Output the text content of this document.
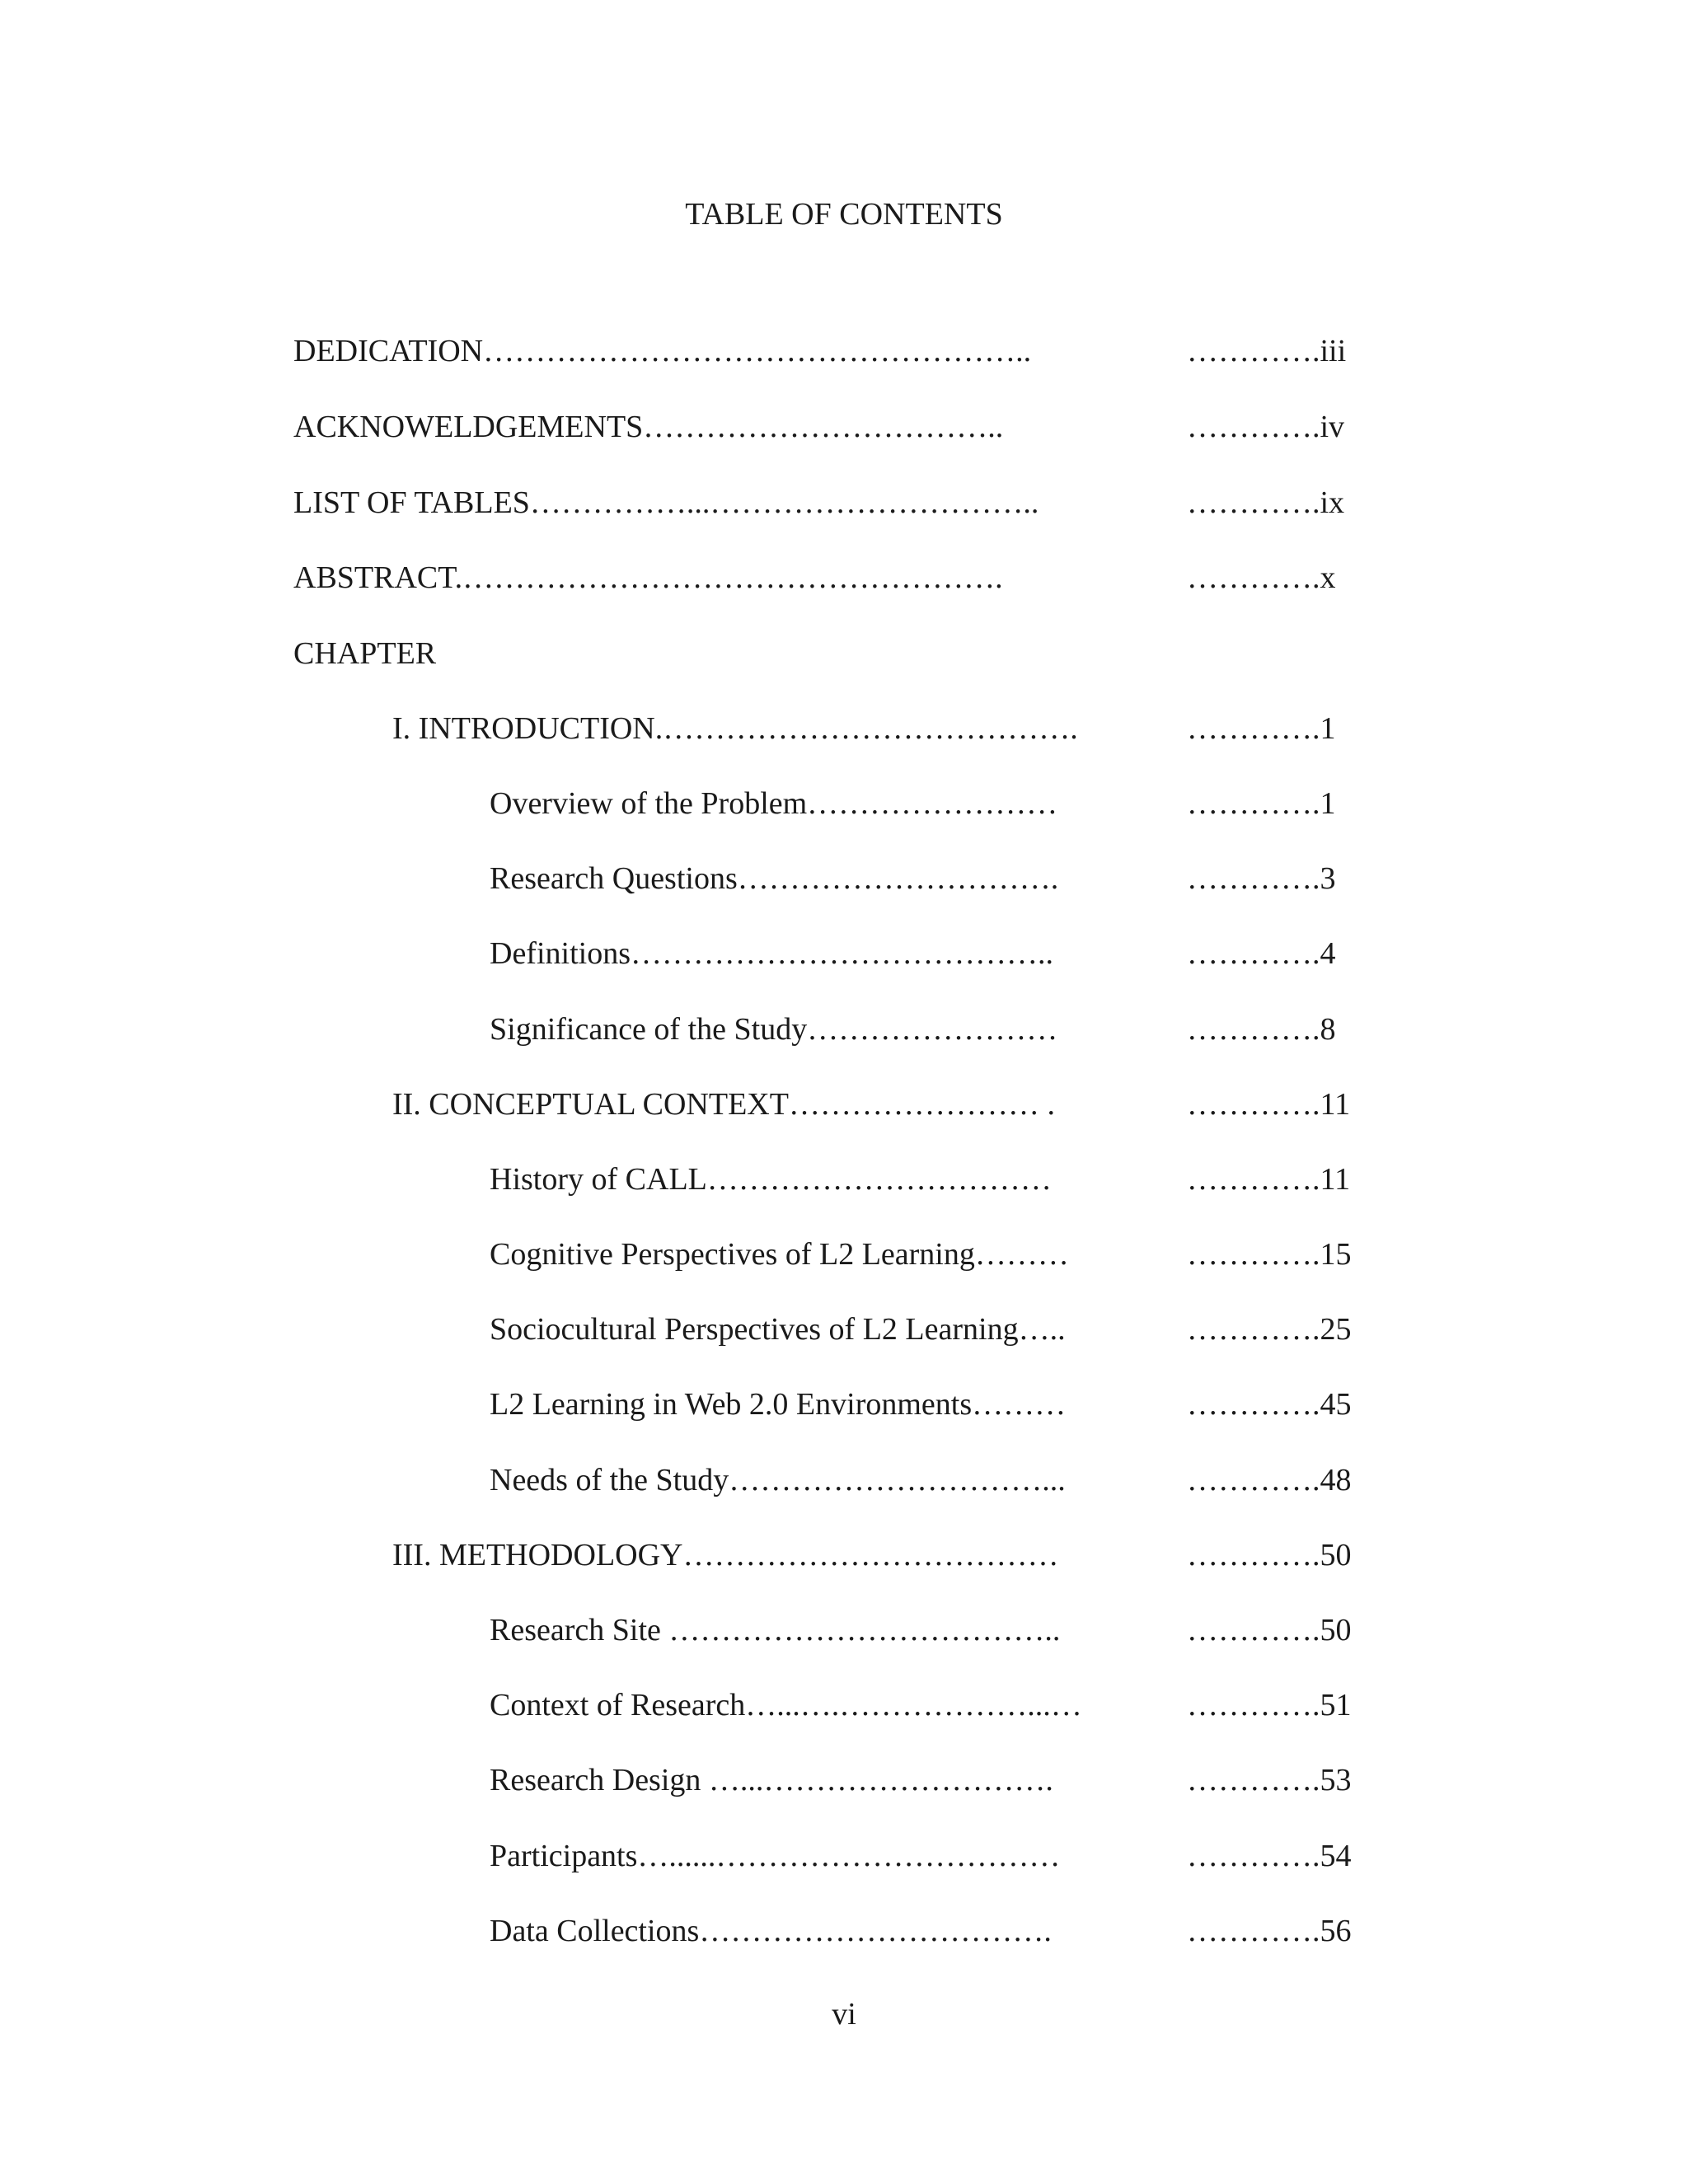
TABLE OF CONTENTS
DEDICATION……………………………………………..	………….iii
ACKNOWELDGEMENTS……………………………..	………….iv
LIST OF TABLES……………...…………………………..	………….ix
ABSTRACT.…………………………………………….	………….x
CHAPTER
I. INTRODUCTION.………………………………….	………….1
Overview of the Problem……………………	………….1
Research Questions………………………….	………….3
Definitions…………………………………..	………….4
Significance of the Study……………………	………….8
II. CONCEPTUAL CONTEXT…………………… .	………….11
History of CALL……………………………	………….11
Cognitive Perspectives of L2 Learning………	………….15
Sociocultural Perspectives of L2 Learning…..	………….25
L2 Learning in Web 2.0 Environments………	………….45
Needs of the Study…………………………...	………….48
III. METHODOLOGY………………………………	………….50
Research Site ………………………………..	………….50
Context of Research…...….………………...…	………….51
Research Design …...……………………….	………….53
Participants…......……………………………	………….54
Data Collections…………………………….	………….56
vi
